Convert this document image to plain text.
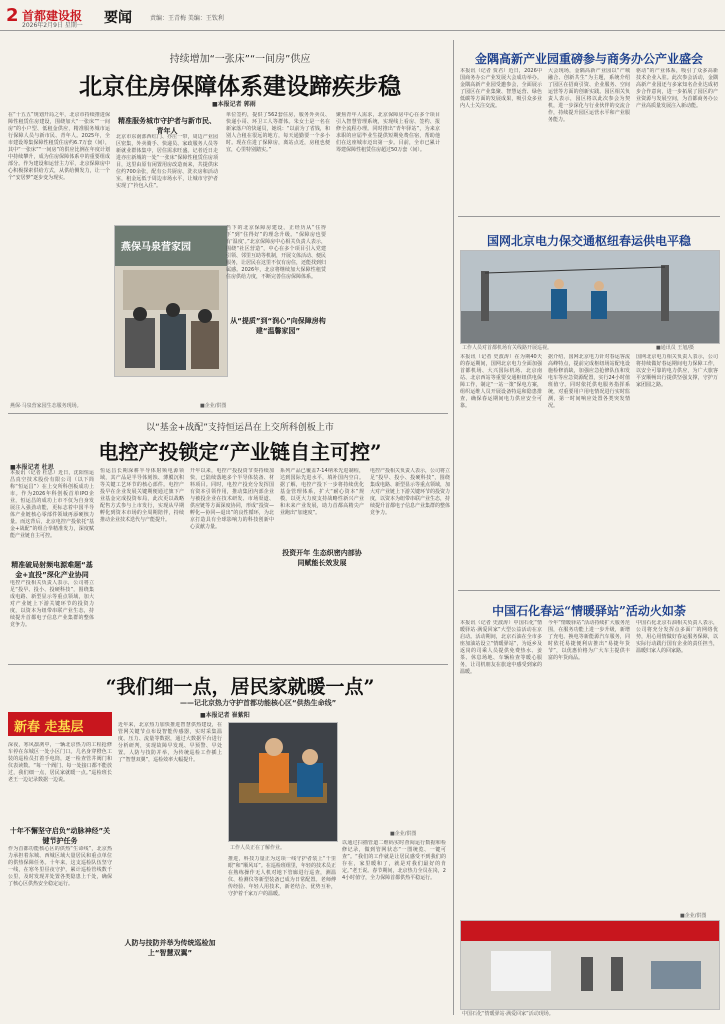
2 首都建设报
2026年2月9日 星期一 要闻	责编：王青梅 美编：王钦利
持续增加“一张床”“一间房”供应
北京住房保障体系建设蹄疾步稳
■本报记者 郭雨
在“十五五”规划开局之年，北京市持续推进保障性租赁住房建设，围绕加大“一张床”“一间房”的小户型、低租金供应，精准服务城市运行保障人员与新市民、青年人。2025年，全市建设筹集保障性租赁住房约6.7万套（间），其中“一张床”“一间房”的供应比例在年度计划中持续攀升，成为住房保障体系中的重要组成部分。作为建设和运营主力军，北京保障房中心积极探索供给方式，从供给侧发力，让一个个“安居梦”逐步变为现实。
精准服务城市守护者与新市民、青年人
北京市东南部西红门、亦庄一带，周边产业园区密集，外卖骑手、快递员、家政服务人员等新就业群体集中，居住需求旺盛。记者近日走进亦庄新城的一处“一张床”保障性租赁住房项目，这里由原有闲置用房改造而来，共提供床位约700余张，配有公共厨房、洗衣房和活动室，租金远低于周边市场水平，让城市守护者实现了“拎包入住”。
单位签约，提供了562套住房，服务外卖员、快递小哥、环卫工人等群体。朱女士是一名在新家落户的快递员，她说：“以前为了省钱，和别人合租在很远的地方，每天通勤要一个多小时。现在住进了保障房，离站点近，房租也便宜，心里特别踏实。”
聚焦青年人需求，北京保障房中心在多个项目引入智慧管理系统，实现线上看房、签约、报修全流程办理。同时推出“青年驿站”，为来京求职的应届毕业生提供短期免费住宿，帮助他们在这座城市迈出第一步。目前，全市已累计筹建保障性租赁住房超过50万套（间）。
燕保马泉营家园
当下的北京保障房建设，正经历从“住得下”到“住得好”的理念升级。“保障房也要有‘温度’。”北京保障房中心相关负责人表示，围绕“社区营造”，中心在多个项目引入党建引领、邻里互助等机制，开展文体活动、便民服务，让居民在这里不仅有房住，还能找到归属感。2026年，北京将继续加大保障性租赁住房供给力度，不断完善住房保障体系。
从“提质”到“润心”向保障房构建“温馨家园”
燕保·马泉营家园生态服务现场。	■企业/供图
以“基金+战配”支持恒运昌在上交所科创板上市
电控产投锁定“产业链自主可控”
■本报记者 杜思
本报讯（记者 杜思）近日，沈阳恒运昌真空技术股份有限公司（以下简称“恒运昌”）在上交所科创板成功上市。作为2026年科创板首单IPO企业，恒运昌的成功上市不仅为自身发展注入强劲动能，更标志着中国半导体产业链核心零部件领域再添硬核力量。而这背后，北京电控产投依托“基金+战配”的组合拳精准发力，深度赋能产业链自主可控。
精准破局射频电源难题“基金+直投”深化产业协同
电控产投相关负责人表示，公司将立足“投早、投小、投硬科技”，围绕集成电路、新型显示等重点领域，加大对产业链上下游关键环节的投资力度，以资本为纽带串联产业生态，持续提升首都电子信息产业集群的整体竞争力。
恒运昌长期深耕半导体射频电源领域，其产品是半导体刻蚀、薄膜沉积等关键工艺环节的核心部件。电控产投早在企业发展关键期便通过旗下产业基金完成投资布局，此次更以战略配售方式参与上市发行，实现从早期孵化到资本市场的全周期陪伴，持续推动企业技术迭代与产能提升。
开年以来，电控产投投资节奏持续加快，已陆续落地多个半导体装备、材料项目。同时，电控产投充分发挥国有资本引领作用，推动集团内部企业与被投企业在技术研发、市场渠道、供应链等方面深度协同，形成“投资—孵化—协同—退出”的良性循环，为北京打造具有全球影响力的科技创新中心贡献力量。
投资开年 生态织密内部协同赋能长效发展
系列产品已覆盖7-14纳米先进制程，达到国际先进水平，填补国内空白。据了解，电控产投下一步将持续优化基金管理体系，扩大“耐心资本”规模，以更大力度支持战略性新兴产业和未来产业发展，助力首都高精尖产业跑出“加速度”。
电控产投相关负责人表示，公司将立足“投早、投小、投硬科技”，围绕集成电路、新型显示等重点领域，加大对产业链上下游关键环节的投资力度，以资本为纽带串联产业生态，持续提升首都电子信息产业集群的整体竞争力。
“我们细一点，居民家就暖一点”
——记北京热力守护首都功能核心区“供热生命线”
■本报记者 崔紫阳
新春 走基层
深夜，寒风凛冽中，一辆北京热力的工程抢修车停在东城区一处小区门口。几名身穿橙色工装的巡检员打着手电筒，逐一检查管井阀门和仪表读数。“每一个阀门、每一处接口都不能放过，我们细一点，居民家就暖一点。”巡检班长老王一边记录数据一边说。
十年不懈坚守启负“动脉神经”关键节护任务
作为首都功能核心区的供热“生命线”，北京热力承担着东城、西城区域大量居民和重点单位的供热保障任务。十年来，这支巡检队伍坚守一线，在寒冬里昼夜守护，累计巡检管线数千公里，及时发现并处置各类隐患上千处，确保了核心区供热安全稳定运行。
近年来，北京热力加快推进智慧供热建设，在管网关键节点布设智能传感器，实时采集温度、压力、流量等数据，通过大数据平台进行分析研判，实现故障早发现、早预警、早处置。人防与技防并举，为传统巡检工作插上了“智慧双翼”，巡检效率大幅提升。
人防与技防并举为传统巡检加上“智慧双翼”
工作人员正在了解作业。
推进，科技力量正为这项一线守护者装上“千里眼”和“顺风耳”。在巡检班组里，年轻的技术员正在熟练操作无人机对地下管廊进行巡查，测温仪、检测仪等新型装备已成为日常配置。老师傅传经验、年轻人用技术，新老结合、优势互补，守护着千家万户的温暖。
■企业/供图
以通过扫描管道二维码实时查阅运行数据和检修记录，做到管网状态“一图统览、一键可查”。“我们的工作就是让居民感受不到我们的存在，家里暖和了，就是对我们最好的肯定。”老王说。春节期间，北京热力全员在岗，24小时值守，全力保障首都供热平稳运行。
金隅高新产业园重磅参与商务办公产业盛会
本报讯（记者 贾君）近日，2026中国商务办公产业发展大会成功举办。金隅高新产业园受邀参会，全面展示了园区在产业集聚、智慧运营、绿色低碳等方面的发展成果，吸引众多业内人士关注交流。
大会现场，金隅高新产业园以“产城融合、创新共生”为主题，系统介绍了园区在招商引资、企业服务、空间运营等方面的创新实践。园区相关负责人表示，园区将以此次参会为契机，进一步深化与行业伙伴的交流合作，持续提升园区运营水平和产业服务能力。
驱动”的产业体系，吸引了众多高新技术企业入驻。此次参会活动，金隅高新产业园还与多家知名企业达成初步合作意向，进一步拓展了园区的产业资源与发展空间，为首都商务办公产业高质量发展注入新动能。
国网北京电力保交通枢纽春运供电平稳
工作人员对首都机场有关线路开展巡视。	■通讯员 王旭/摄
本报讯（记者 史波涛）在为期40天的春运期间，国网北京电力全面加强首都机场、大兴国际机场、北京南站、北京西站等重要交通枢纽供电保障工作，制定“一站一策”保电方案，组织运维人员开展设备特巡和隐患排查，确保春运期间电力供应安全可靠。
据介绍，国网北京电力针对春运客流高峰特点，提前完成枢纽场站配电设施检修消缺，加强应急抢修队伍和发电车等应急资源配置，实行24小时值班值守。同时依托供电服务指挥系统，对重要用户用电情况进行实时监测，第一时间响应处置各类突发情况。
国网北京电力相关负责人表示，公司将持续做好春运期间电力保障工作，以安全可靠的电力供应，为广大旅客平安顺畅出行提供坚强支撑，守护万家团圆之路。
中国石化春运“情暖驿站”活动火如荼
本报讯（记者 史波涛）中国石化“情暖驿站·满爱回家”大型公益活动在京启动。活动期间，北京石油在全市多座加油站设立“情暖驿站”，为返乡及返岗的司乘人员提供免费热水、姜茶、休息场地、车辆检查等暖心服务，让司机朋友在旅途中感受到家的温暖。
今年“情暖驿站”活动持续扩大服务范围，在服务功能上进一步升级，新增了充电、换电等新能源汽车服务，同时依托易捷便利店推出“易捷年货节”，以优惠价格为广大车主提供丰富的年货商品。
中国石化北京石油相关负责人表示，公司将充分发挥点多面广的网络优势，用心用情做好春运服务保障，以实际行动践行国有企业的责任担当，温暖归家人的回家路。
■企业/供图
中国石化“情暖驿站·满爱回家”活动现场。
